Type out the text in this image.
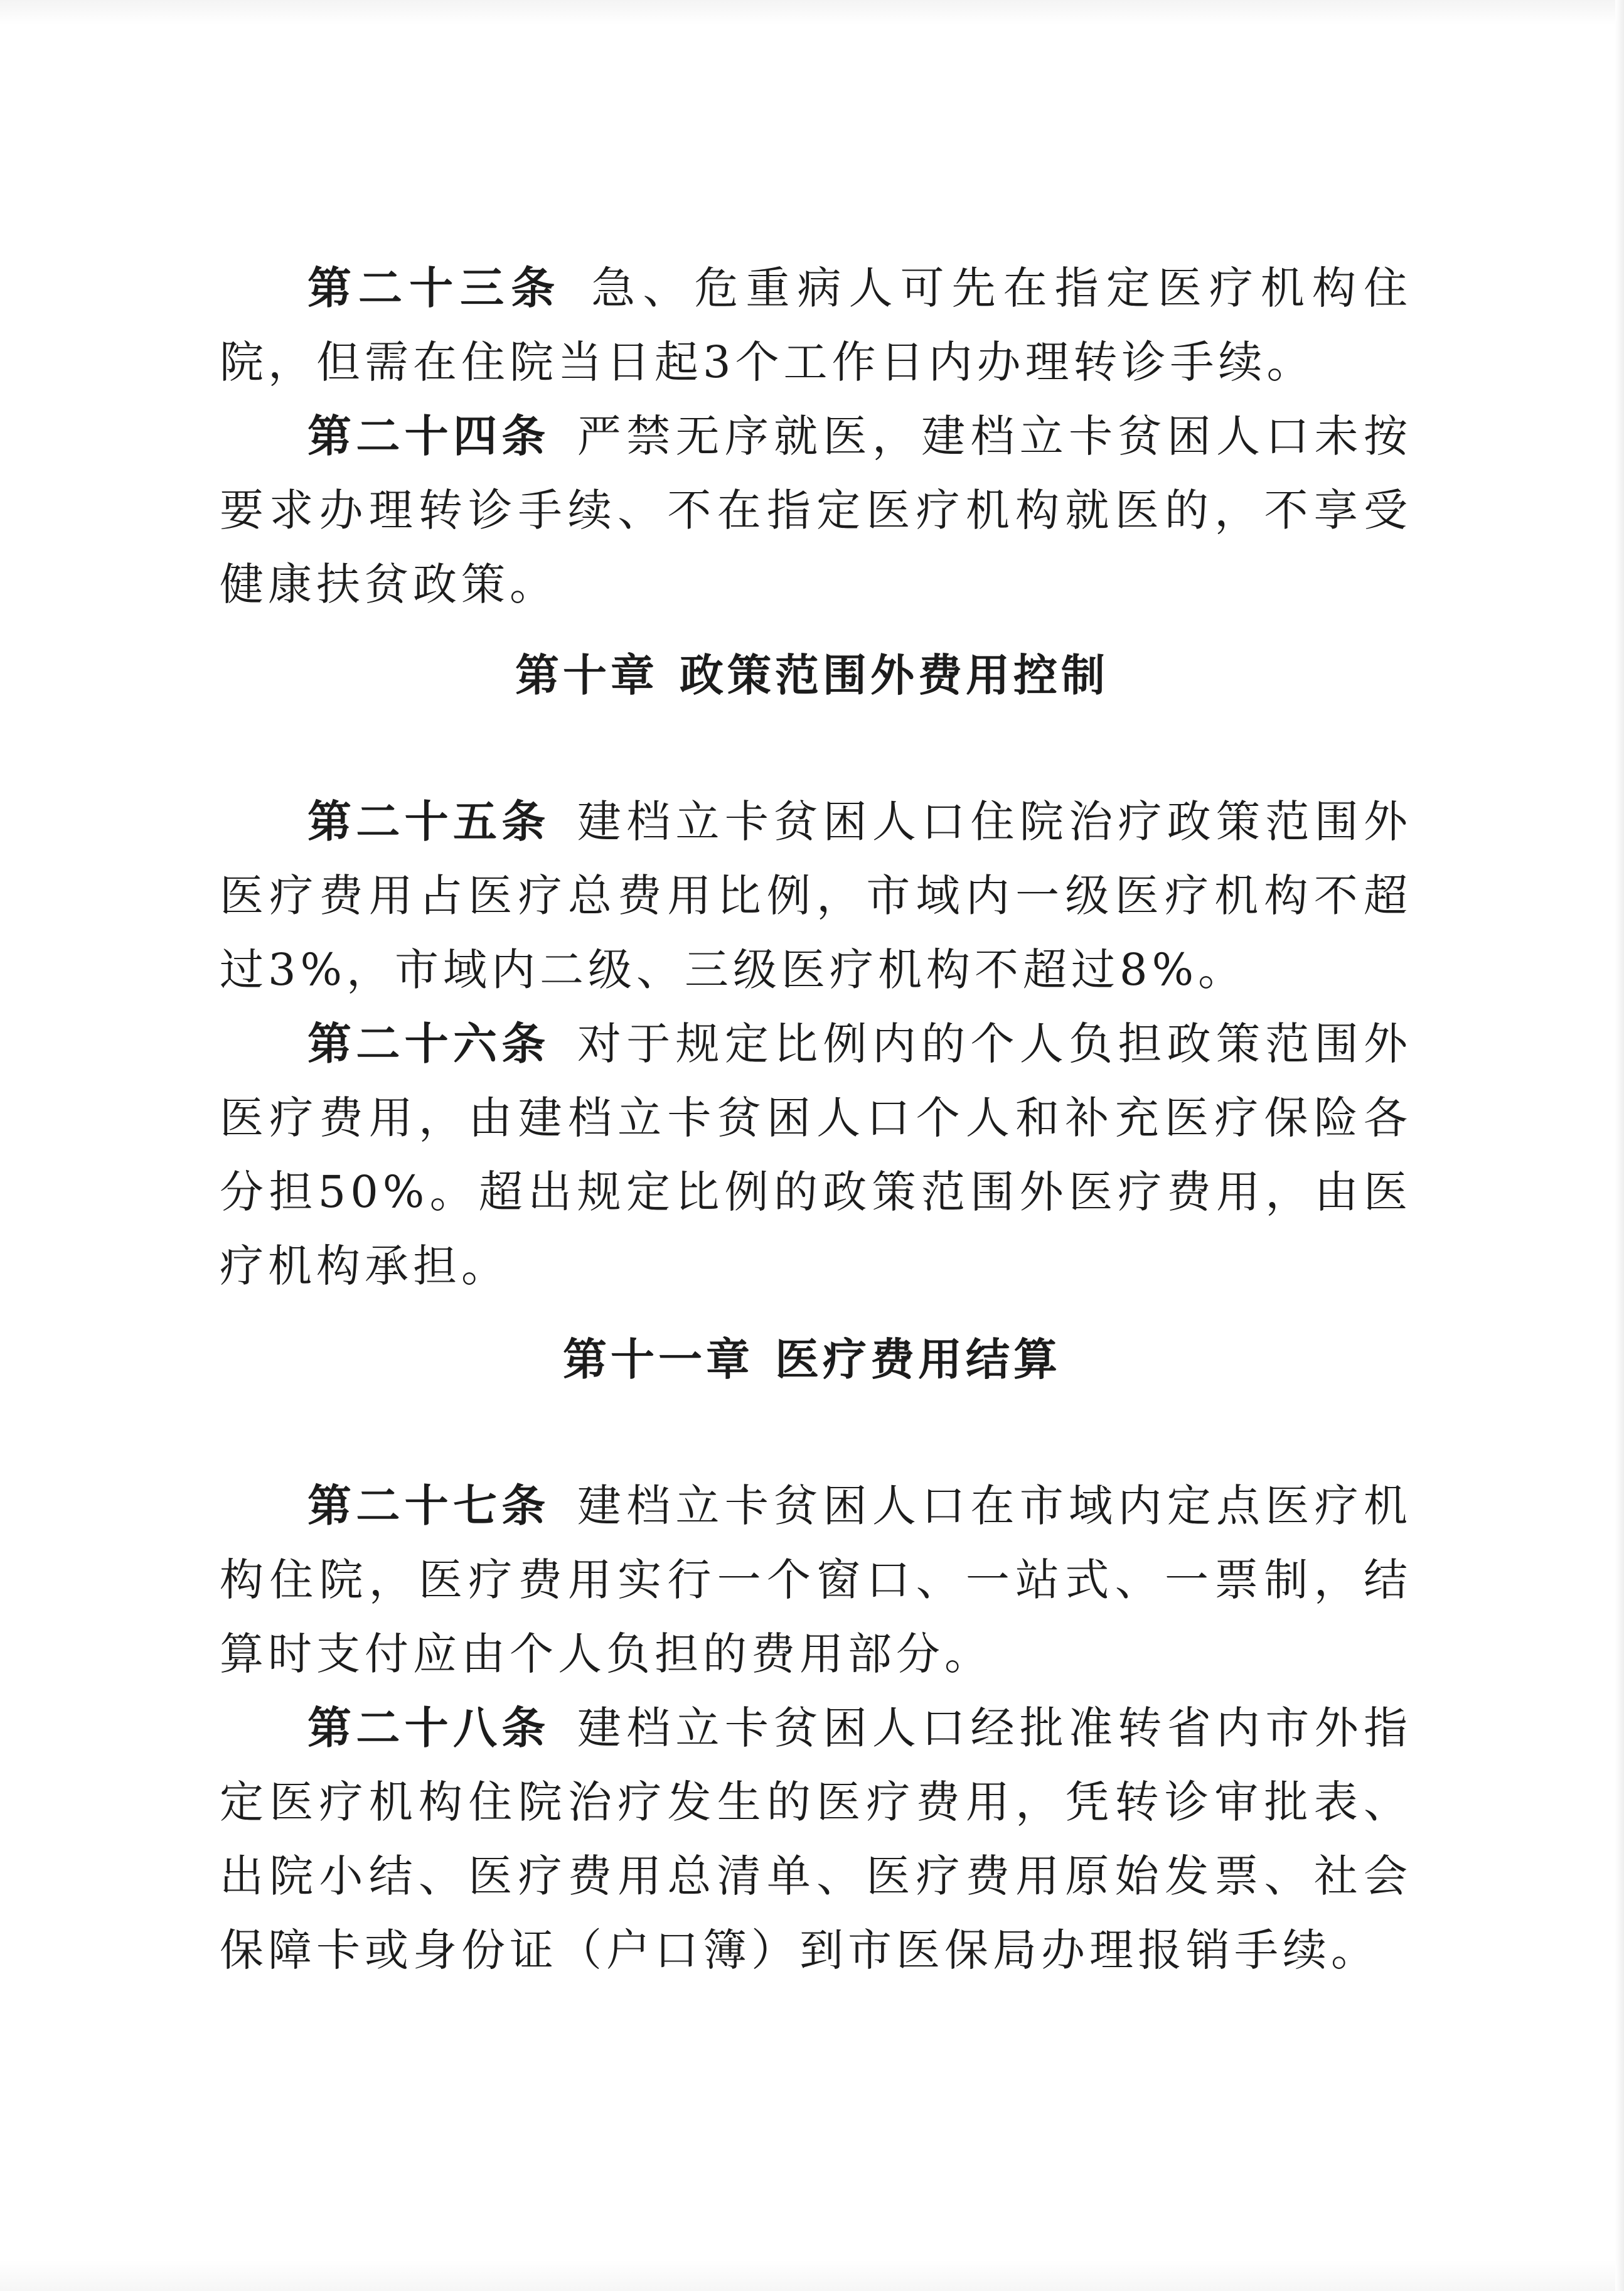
第二十三条  急、危重病人可先在指定医疗机构住院，但需在住院当日起3个工作日内办理转诊手续。

第二十四条  严禁无序就医，建档立卡贫困人口未按要求办理转诊手续、不在指定医疗机构就医的，不享受健康扶贫政策。

第十章 政策范围外费用控制

第二十五条  建档立卡贫困人口住院治疗政策范围外医疗费用占医疗总费用比例，市域内一级医疗机构不超过3%，市域内二级、三级医疗机构不超过8%。

第二十六条  对于规定比例内的个人负担政策范围外医疗费用，由建档立卡贫困人口个人和补充医疗保险各分担50%。超出规定比例的政策范围外医疗费用，由医疗机构承担。

第十一章 医疗费用结算

第二十七条  建档立卡贫困人口在市域内定点医疗机构住院，医疗费用实行一个窗口、一站式、一票制，结算时支付应由个人负担的费用部分。

第二十八条  建档立卡贫困人口经批准转省内市外指定医疗机构住院治疗发生的医疗费用，凭转诊审批表、出院小结、医疗费用总清单、医疗费用原始发票、社会保障卡或身份证（户口簿）到市医保局办理报销手续。
